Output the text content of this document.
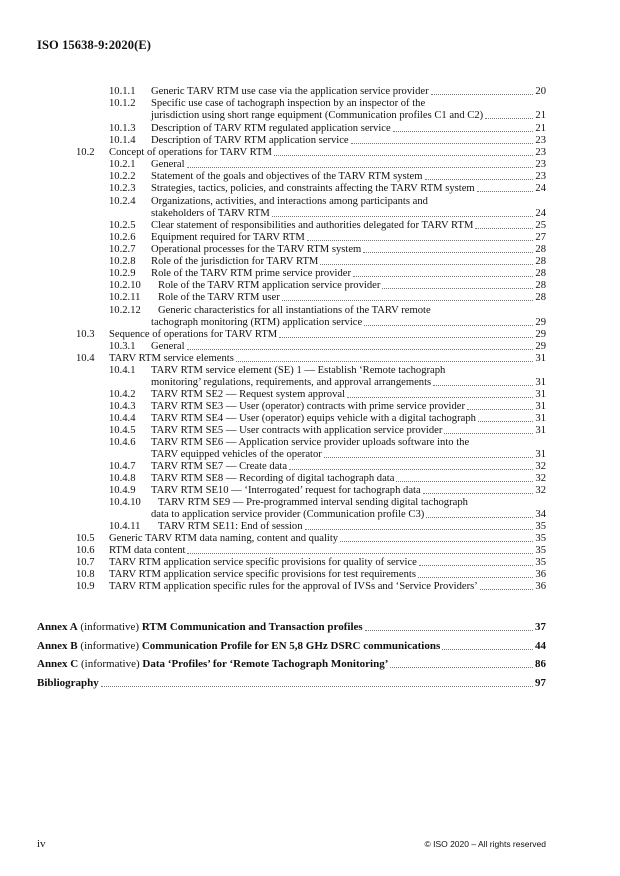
ISO 15638-9:2020(E)
10.1.1	Generic TARV RTM use case via the application service provider	20
10.1.2 Specific use case of tachograph inspection by an inspector of the
jurisdiction using short range equipment (Communication profiles C1 and C2)	21
10.1.3	Description of TARV RTM regulated application service	21
10.1.4	Description of TARV RTM application service	23
10.2	Concept of operations for TARV RTM	23
10.2.1	General	23
10.2.2	Statement of the goals and objectives of the TARV RTM system	23
10.2.3	Strategies, tactics, policies, and constraints affecting the TARV RTM system	24
10.2.4 Organizations, activities, and interactions among participants and
stakeholders of TARV RTM	24
10.2.5	Clear statement of responsibilities and authorities delegated for TARV RTM	25
10.2.6	Equipment required for TARV RTM	27
10.2.7	Operational processes for the TARV RTM system	28
10.2.8	Role of the jurisdiction for TARV RTM	28
10.2.9	Role of the TARV RTM prime service provider	28
10.2.10	Role of the TARV RTM application service provider	28
10.2.11	Role of the TARV RTM user	28
10.2.12 Generic characteristics for all instantiations of the TARV remote
tachograph monitoring (RTM) application service	29
10.3	Sequence of operations for TARV RTM	29
10.3.1	General	29
10.4	TARV RTM service elements	31
10.4.1 TARV RTM service element (SE) 1 — Establish ‘Remote tachograph
monitoring’ regulations, requirements, and approval arrangements	31
10.4.2	TARV RTM SE2 — Request system approval	31
10.4.3	TARV RTM SE3 — User (operator) contracts with prime service provider	31
10.4.4	TARV RTM SE4 — User (operator) equips vehicle with a digital tachograph	31
10.4.5	TARV RTM SE5 — User contracts with application service provider	31
10.4.6 TARV RTM SE6 — Application service provider uploads software into the
TARV equipped vehicles of the operator	31
10.4.7	TARV RTM SE7 — Create data	32
10.4.8	TARV RTM SE8 — Recording of digital tachograph data	32
10.4.9	TARV RTM SE10 — ‘Interrogated’ request for tachograph data	32
10.4.10 TARV RTM SE9 — Pre-programmed interval sending digital tachograph
data to application service provider (Communication profile C3)	34
10.4.11	TARV RTM SE11: End of session	35
10.5	Generic TARV RTM data naming, content and quality	35
10.6	RTM data content	35
10.7	TARV RTM application service specific provisions for quality of service	35
10.8	TARV RTM application service specific provisions for test requirements	36
10.9	TARV RTM application specific rules for the approval of IVSs and ‘Service Providers’	36
Annex A
(informative)
RTM Communication and Transaction profiles	37
Annex B
(informative)
Communication Profile for EN 5,8 GHz DSRC communications	44
Annex C
(informative)
Data ‘Profiles’ for ‘Remote Tachograph Monitoring’	86
Bibliography	97
iv	© ISO 2020 – All rights reserved
